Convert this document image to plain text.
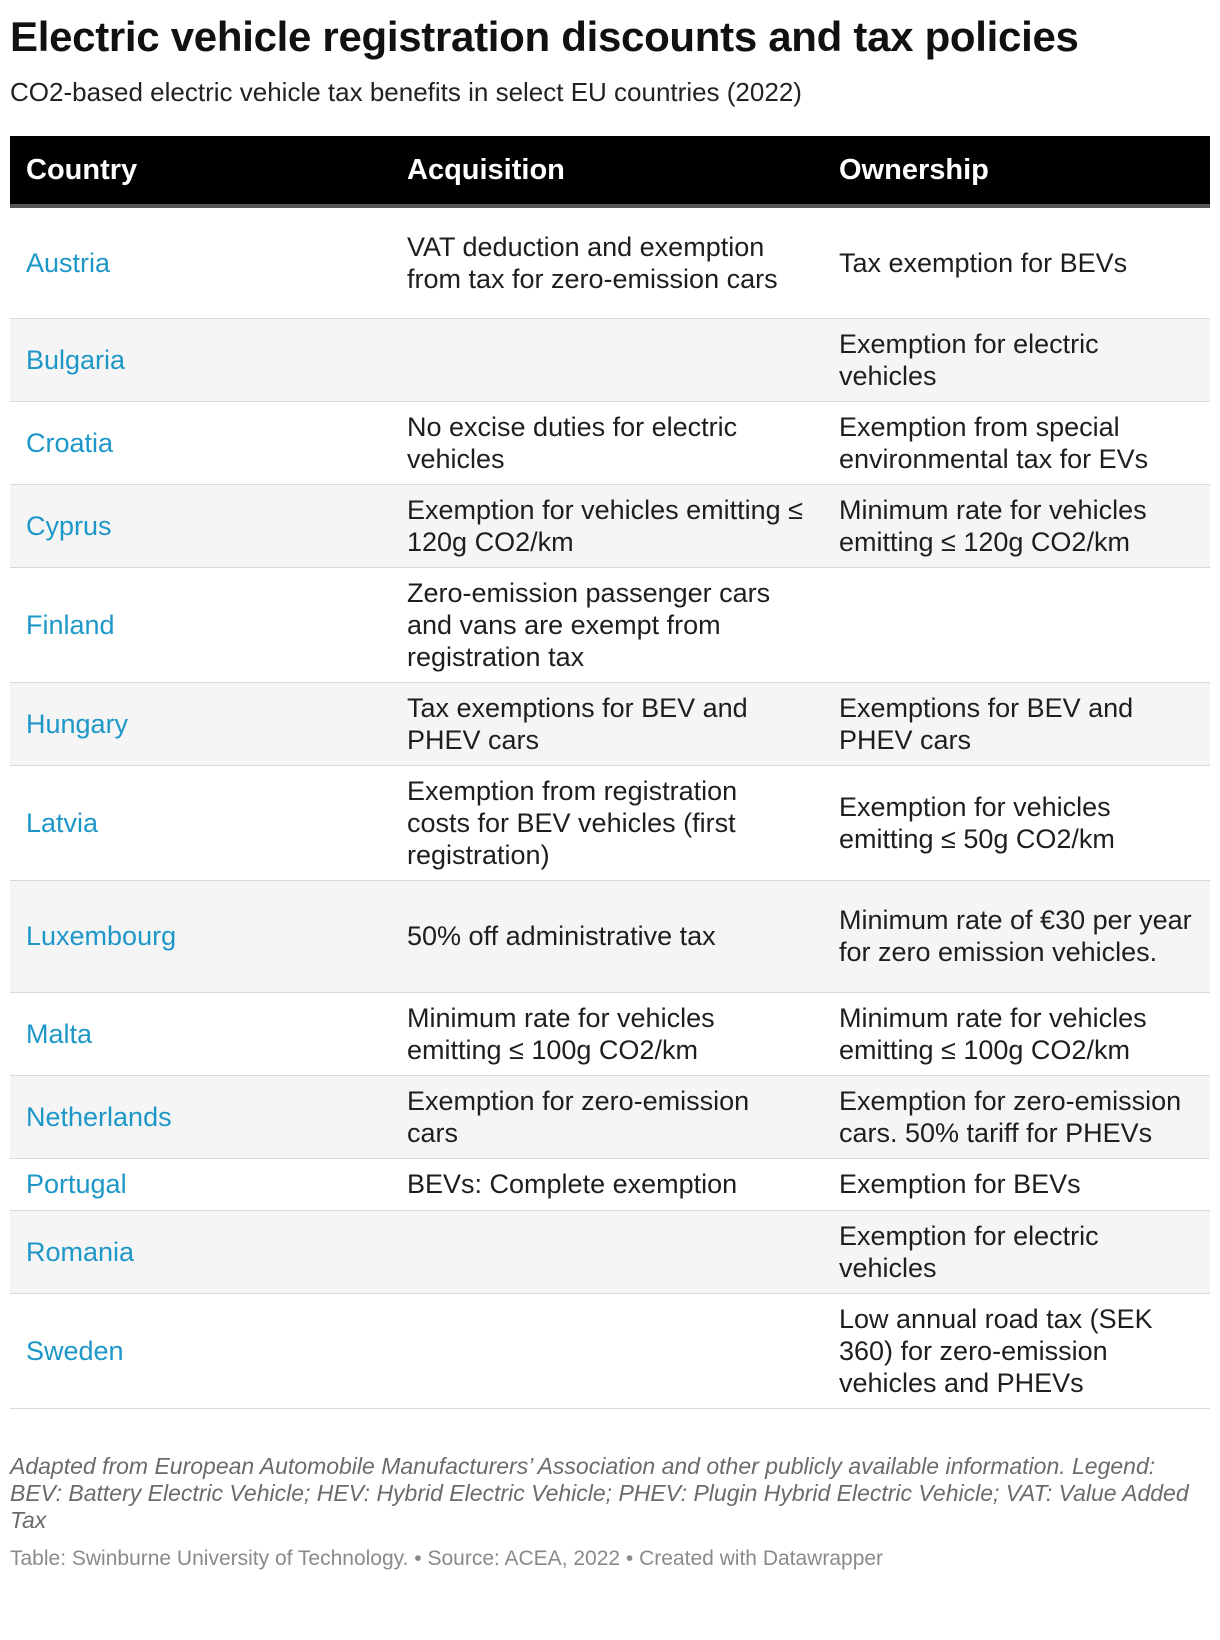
Electric vehicle registration discounts and tax policies

CO2-based electric vehicle tax benefits in select EU countries (2022)

Country	Acquisition	Ownership
Austria	VAT deduction and exemption from tax for zero-emission cars	Tax exemption for BEVs
Bulgaria		Exemption for electric vehicles
Croatia	No excise duties for electric vehicles	Exemption from special environmental tax for EVs
Cyprus	Exemption for vehicles emitting ≤ 120g CO2/km	Minimum rate for vehicles emitting ≤ 120g CO2/km
Finland	Zero-emission passenger cars and vans are exempt from registration tax	
Hungary	Tax exemptions for BEV and PHEV cars	Exemptions for BEV and PHEV cars
Latvia	Exemption from registration costs for BEV vehicles (first registration)	Exemption for vehicles emitting ≤ 50g CO2/km
Luxembourg	50% off administrative tax	Minimum rate of €30 per year for zero emission vehicles.
Malta	Minimum rate for vehicles emitting ≤ 100g CO2/km	Minimum rate for vehicles emitting ≤ 100g CO2/km
Netherlands	Exemption for zero-emission cars	Exemption for zero-emission cars. 50% tariff for PHEVs
Portugal	BEVs: Complete exemption	Exemption for BEVs
Romania		Exemption for electric vehicles
Sweden		Low annual road tax (SEK 360) for zero-emission vehicles and PHEVs
Adapted from European Automobile Manufacturers’ Association and other publicly available information. Legend: BEV: Battery Electric Vehicle; HEV: Hybrid Electric Vehicle; PHEV: Plugin Hybrid Electric Vehicle; VAT: Value Added Tax
Table: Swinburne University of Technology. • Source: ACEA, 2022 • Created with Datawrapper
